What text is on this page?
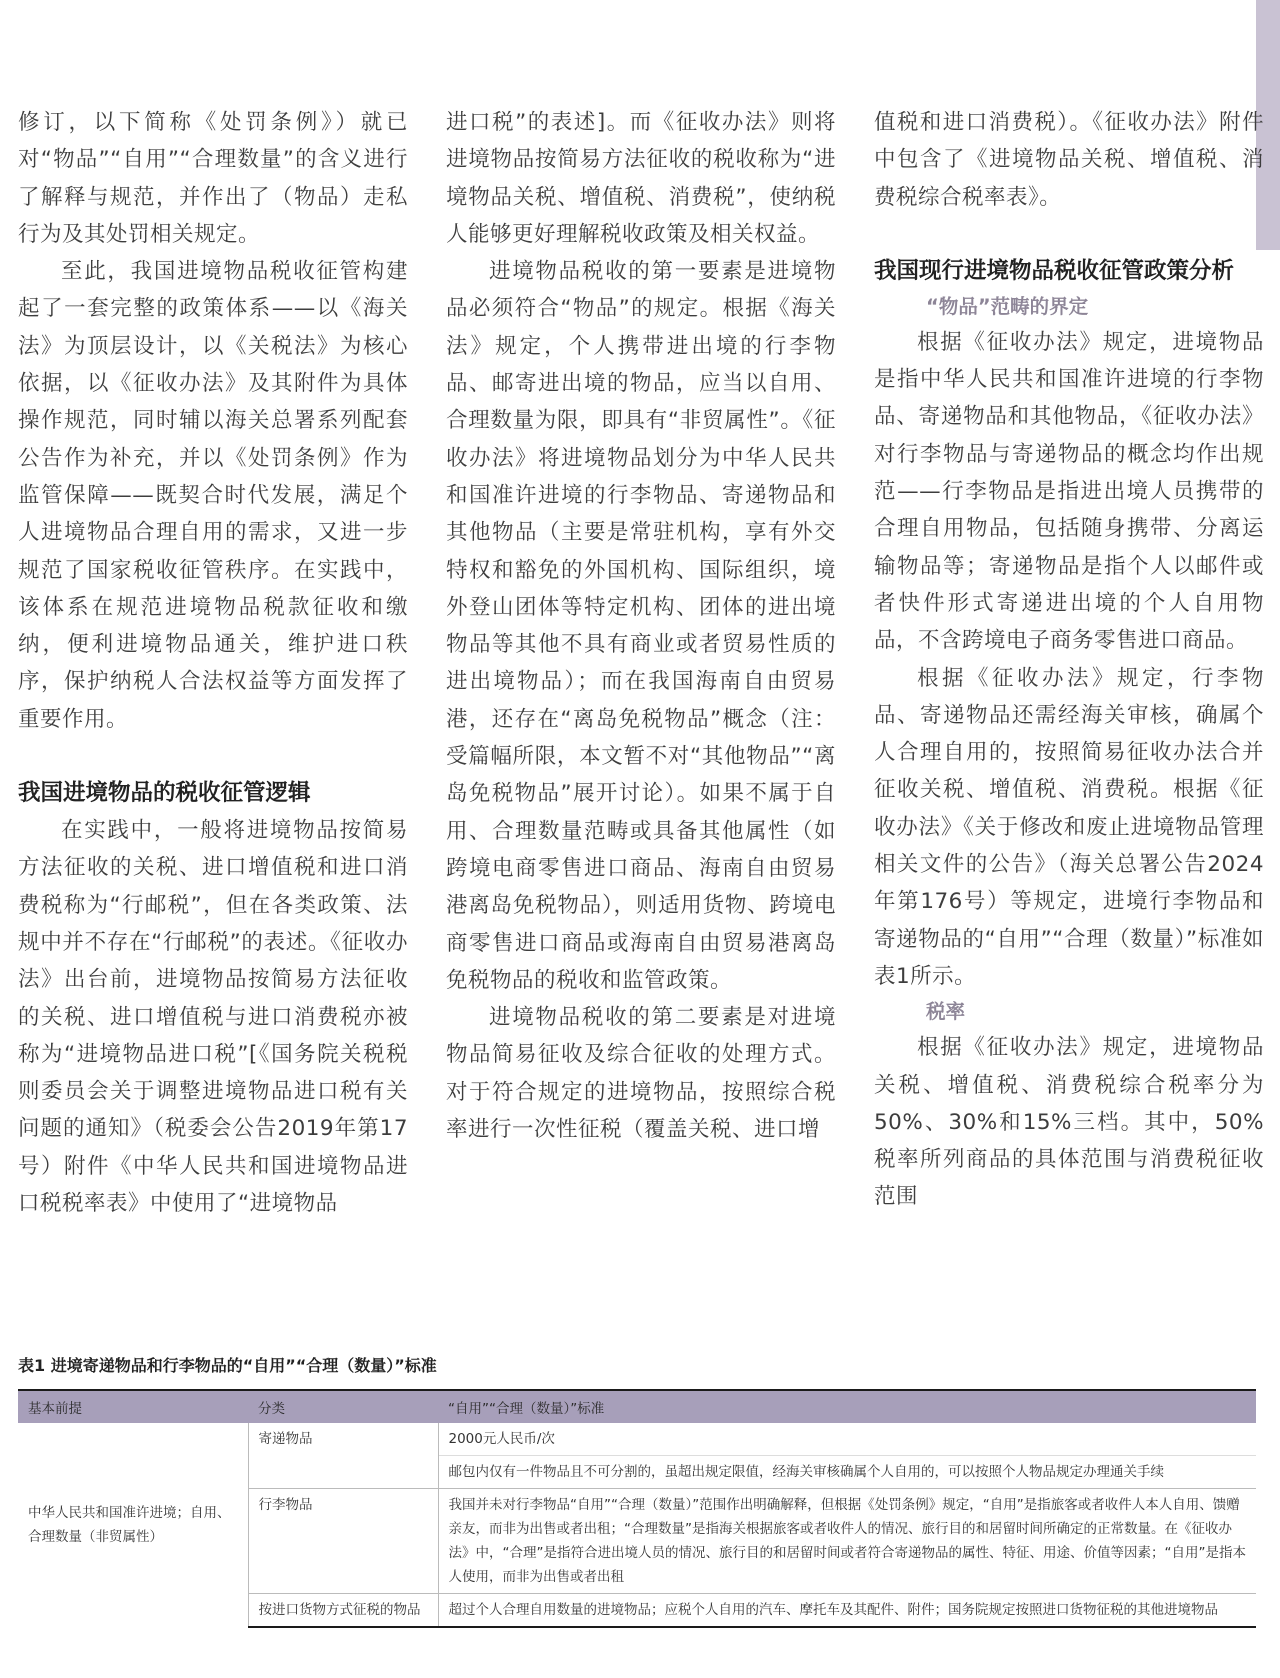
修订，以下简称《处罚条例》）就已对“物品”“自用”“合理数量”的含义进行了解释与规范，并作出了（物品）走私行为及其处罚相关规定。

至此，我国进境物品税收征管构建起了一套完整的政策体系——以《海关法》为顶层设计，以《关税法》为核心依据，以《征收办法》及其附件为具体操作规范，同时辅以海关总署系列配套公告作为补充，并以《处罚条例》作为监管保障——既契合时代发展，满足个人进境物品合理自用的需求，又进一步规范了国家税收征管秩序。在实践中，该体系在规范进境物品税款征收和缴纳，便利进境物品通关，维护进口秩序，保护纳税人合法权益等方面发挥了重要作用。

我国进境物品的税收征管逻辑

在实践中，一般将进境物品按简易方法征收的关税、进口增值税和进口消费税称为“行邮税”，但在各类政策、法规中并不存在“行邮税”的表述。《征收办法》出台前，进境物品按简易方法征收的关税、进口增值税与进口消费税亦被称为“进境物品进口税”[《国务院关税税则委员会关于调整进境物品进口税有关问题的通知》（税委会公告2019年第17号）附件《中华人民共和国进境物品进口税税率表》中使用了“进境物品

进口税”的表述]。而《征收办法》则将进境物品按简易方法征收的税收称为“进境物品关税、增值税、消费税”，使纳税人能够更好理解税收政策及相关权益。

进境物品税收的第一要素是进境物品必须符合“物品”的规定。根据《海关法》规定，个人携带进出境的行李物品、邮寄进出境的物品，应当以自用、合理数量为限，即具有“非贸属性”。《征收办法》将进境物品划分为中华人民共和国准许进境的行李物品、寄递物品和其他物品（主要是常驻机构，享有外交特权和豁免的外国机构、国际组织，境外登山团体等特定机构、团体的进出境物品等其他不具有商业或者贸易性质的进出境物品）；而在我国海南自由贸易港，还存在“离岛免税物品”概念（注：受篇幅所限，本文暂不对“其他物品”“离岛免税物品”展开讨论）。如果不属于自用、合理数量范畴或具备其他属性（如跨境电商零售进口商品、海南自由贸易港离岛免税物品），则适用货物、跨境电商零售进口商品或海南自由贸易港离岛免税物品的税收和监管政策。

进境物品税收的第二要素是对进境物品简易征收及综合征收的处理方式。对于符合规定的进境物品，按照综合税率进行一次性征税（覆盖关税、进口增

值税和进口消费税）。《征收办法》附件中包含了《进境物品关税、增值税、消费税综合税率表》。

我国现行进境物品税收征管政策分析

“物品”范畴的界定

根据《征收办法》规定，进境物品是指中华人民共和国准许进境的行李物品、寄递物品和其他物品，《征收办法》对行李物品与寄递物品的概念均作出规范——行李物品是指进出境人员携带的合理自用物品，包括随身携带、分离运输物品等；寄递物品是指个人以邮件或者快件形式寄递进出境的个人自用物品，不含跨境电子商务零售进口商品。

根据《征收办法》规定，行李物品、寄递物品还需经海关审核，确属个人合理自用的，按照简易征收办法合并征收关税、增值税、消费税。根据《征收办法》《关于修改和废止进境物品管理相关文件的公告》（海关总署公告2024年第176号）等规定，进境行李物品和寄递物品的“自用”“合理（数量）”标准如表1所示。

税率

根据《征收办法》规定，进境物品关税、增值税、消费税综合税率分为50%、30%和15%三档。其中，50%税率所列商品的具体范围与消费税征收范围

表1 进境寄递物品和行李物品的“自用”“合理（数量）”标准

基本前提	分类	“自用”“合理（数量）”标准
中华人民共和国准许进境；自用、合理数量（非贸属性）	寄递物品	2000元人民币/次
		邮包内仅有一件物品且不可分割的，虽超出规定限值，经海关审核确属个人自用的，可以按照个人物品规定办理通关手续
	行李物品	我国并未对行李物品“自用”“合理（数量）”范围作出明确解释，但根据《处罚条例》规定，“自用”是指旅客或者收件人本人自用、馈赠亲友，而非为出售或者出租；“合理数量”是指海关根据旅客或者收件人的情况、旅行目的和居留时间所确定的正常数量。在《征收办法》中，“合理”是指符合进出境人员的情况、旅行目的和居留时间或者符合寄递物品的属性、特征、用途、价值等因素；“自用”是指本人使用，而非为出售或者出租
	按进口货物方式征税的物品	超过个人合理自用数量的进境物品；应税个人自用的汽车、摩托车及其配件、附件；国务院规定按照进口货物征税的其他进境物品
